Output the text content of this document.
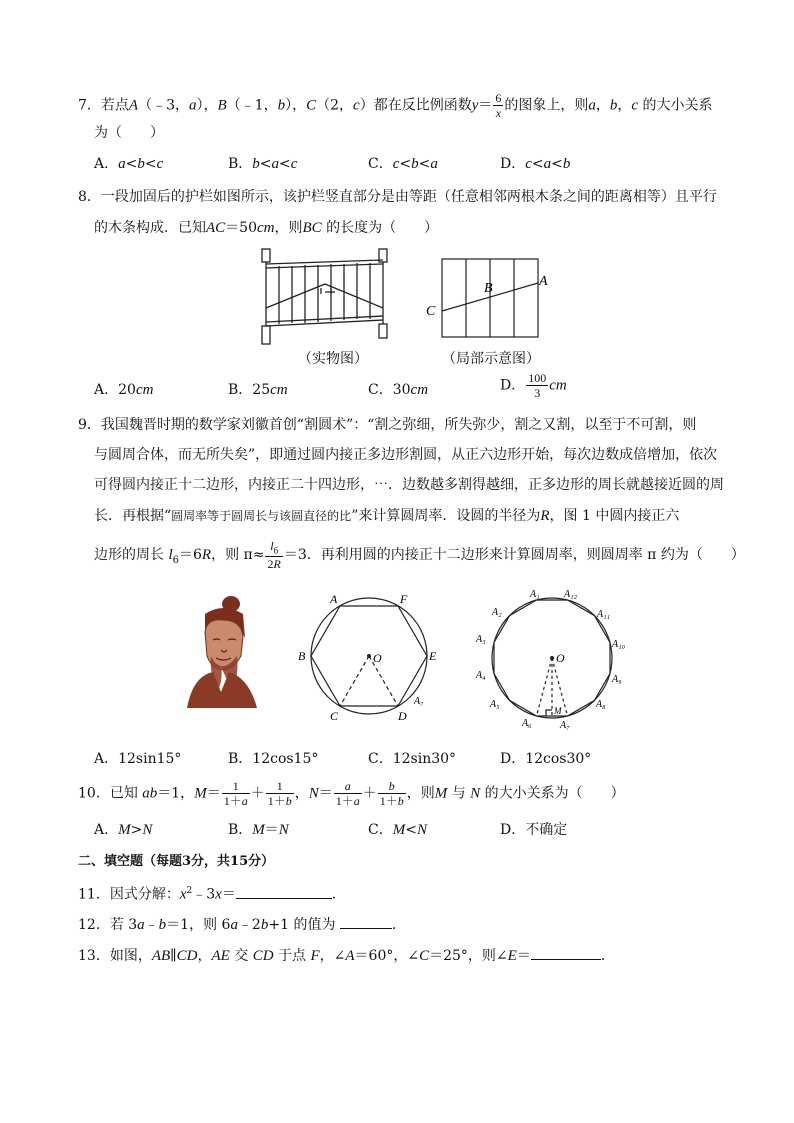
7．若点A（﹣3，a），B（﹣1，b），C（2，c）都在反比例函数$y= \frac{6}{x}$ 的图象上，则a，b，c 的大小关系
为（　　）
A．a<b<c	B．b<a<c	C．c<b<a	D．c<a<b
8．一段加固后的护栏如图所示，该护栏竖直部分是由等距（任意相邻两根木条之间的距离相等）且平行
的木条构成．已知AC＝50cm，则BC 的长度为（　　）
（实物图）
C
B	A
（局部示意图）
A．20cm	B．25cm	C．30cm	D． $\frac{100}{3}$ cm
9．我国魏晋时期的数学家刘徽首创“割圆术”：“割之弥细，所失弥少，割之又割，以至于不可割，则
与圆周合体，而无所失矣”，即通过圆内接正多边形割圆，从正六边形开始，每次边数成倍增加，依次
可得圆内接正十二边形，内接正二十四边形，⋯．边数越多割得越细，正多边形的周长就越接近圆的周
长．再根据“圆周率等于圆周长与该圆直径的比”来计算圆周率．设圆的半径为R，图 1 中圆内接正六
边形的周长 $l_6=6R$，则 $\pi\approx \frac{l_6}{2R} =3$．再利用圆的内接正十二边形来计算圆周率，则圆周率 π 约为（　　）
A	F
B	E
C	D
O
A₇
A₁ A₁₂
A₂	A₁₁
A₃	A₁₀
A₄	A₉
A₅	A₈
A₆	A₇
O
M
A．12sin15°	B．12cos15°	C．12sin30°	D．12cos30°
10．已知 ab＝1，$M= \frac{1}{1+a} + \frac{1}{1+b}$ ，$N= \frac{a}{1+a} + \frac{b}{1+b}$ ，则M 与 N 的大小关系为（　　）
A．M>N	B．M＝N	C．M<N	D．不确定
二、填空题（每题3分，共15分）
11．因式分解：$x^2﹣3x=$	．
12．若 3a﹣b＝1，则 6a﹣2b+1 的值为	．
13．如图，AB∥CD，AE 交 CD 于点 F，∠A＝60°，∠C＝25°，则∠E＝	．
